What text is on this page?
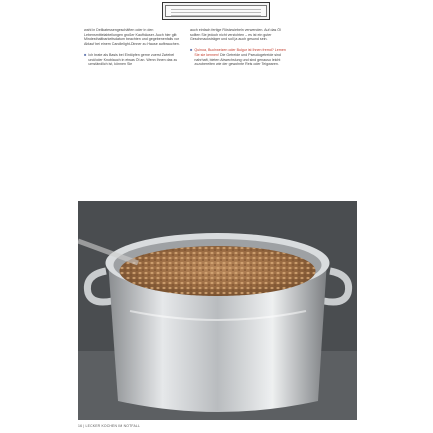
wahl in Delikatessengeschäften oder in den Lebensmittelabteilungen großer Kaufhäuser. Auch hier gilt: Mindesthaltbarkeitsdatum beachten und gegebenenfalls vor Ablauf bei einem Candlelight-Dinner zu Hause aufbrauchen.

■ Ich brate als Basis bei Eintöpfen gerne zuerst Zwiebel und/oder Knoblauch in etwas Öl an. Wenn Ihnen das zu umständlich ist, können Sie

auch einfach fertige Röstzwiebeln verwenden. Auf das Öl sollten Sie jedoch nicht verzichten – es ist ein guter Geschmacksträger und soll ja auch gesund sein.

■ Quinoa, Buchweizen oder Bulgur ist Ihnen fremd? Lernen Sie sie kennen! Die Getreide und Pseudogetreide sind nahrhaft, bieten Abwechslung und sind genauso leicht zuzubereiten wie der gewohnte Reis oder Teigwaren.
16 | LECKER KOCHEN IM NOTFALL
